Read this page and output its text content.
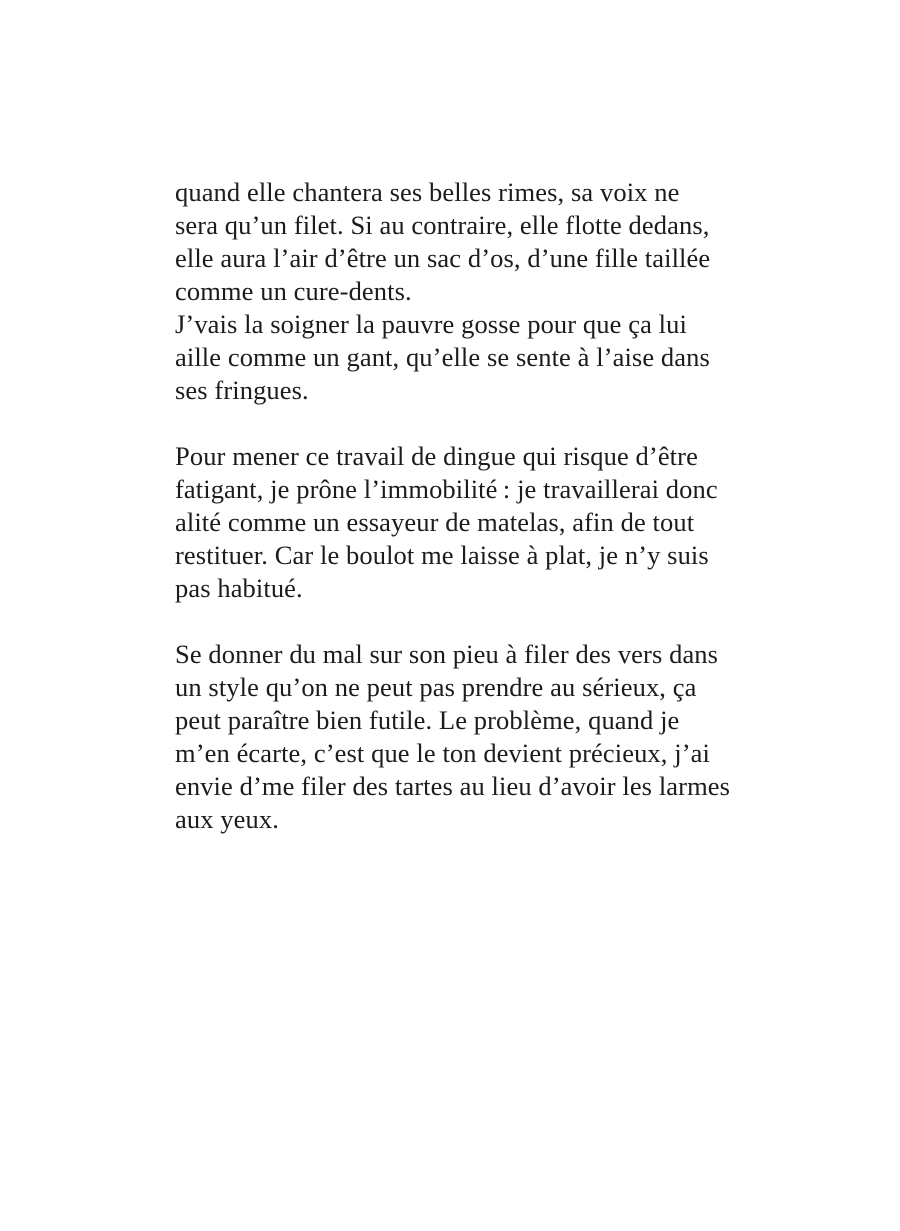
quand elle chantera ses belles rimes, sa voix ne
sera qu’un filet. Si au contraire, elle flotte dedans,
elle aura l’air d’être un sac d’os, d’une fille taillée
comme un cure-dents.
J’vais la soigner la pauvre gosse pour que ça lui
aille comme un gant, qu’elle se sente à l’aise dans
ses fringues.
Pour mener ce travail de dingue qui risque d’être
fatigant, je prône l’immobilité : je travaillerai donc
alité comme un essayeur de matelas, afin de tout
restituer. Car le boulot me laisse à plat, je n’y suis
pas habitué.
Se donner du mal sur son pieu à filer des vers dans
un style qu’on ne peut pas prendre au sérieux, ça
peut paraître bien futile. Le problème, quand je
m’en écarte, c’est que le ton devient précieux, j’ai
envie d’me filer des tartes au lieu d’avoir les larmes
aux yeux.
